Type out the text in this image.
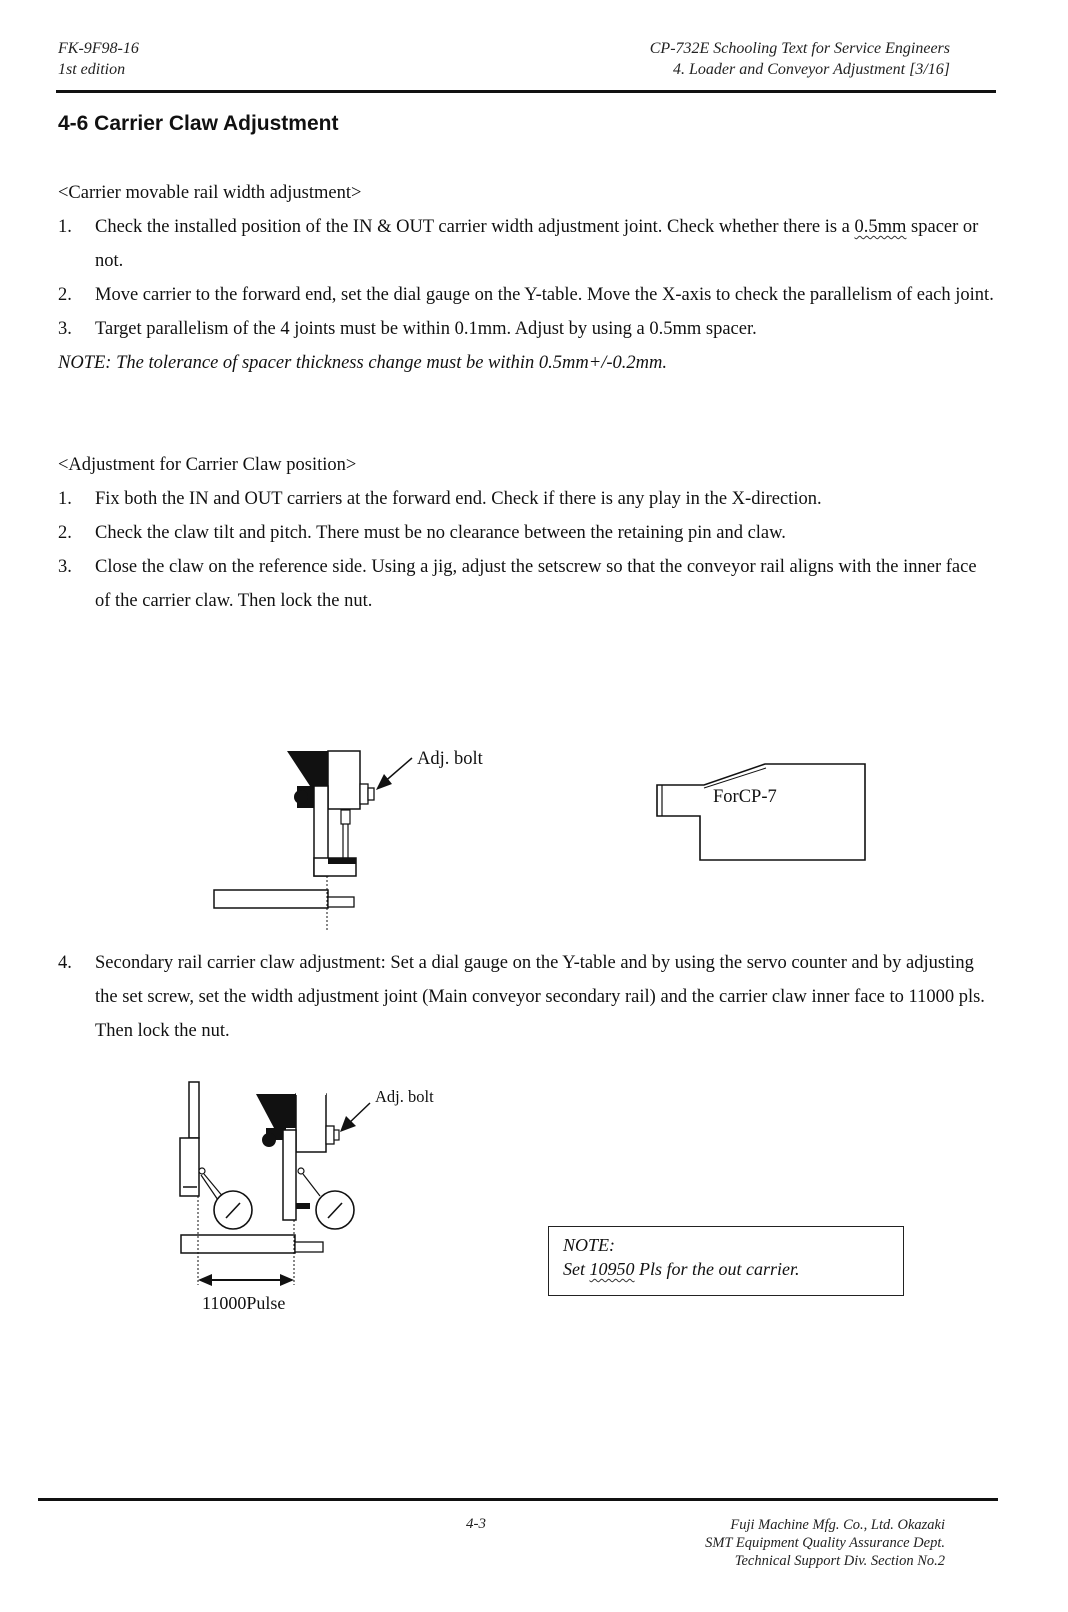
FK-9F98-16
1st edition
CP-732E Schooling Text for Service Engineers
4. Loader and Conveyor Adjustment [3/16]
4-6 Carrier Claw Adjustment
<Carrier movable rail width adjustment>
1. Check the installed position of the IN & OUT carrier width adjustment joint. Check whether there is a 0.5mm spacer or not.
2. Move carrier to the forward end, set the dial gauge on the Y-table. Move the X-axis to check the parallelism of each joint.
3. Target parallelism of the 4 joints must be within 0.1mm. Adjust by using a 0.5mm spacer.
NOTE: The tolerance of spacer thickness change must be within 0.5mm+/-0.2mm.
<Adjustment for Carrier Claw position>
1. Fix both the IN and OUT carriers at the forward end. Check if there is any play in the X-direction.
2. Check the claw tilt and pitch. There must be no clearance between the retaining pin and claw.
3. Close the claw on the reference side. Using a jig, adjust the setscrew so that the conveyor rail aligns with the inner face of the carrier claw. Then lock the nut.
Adj. bolt
ForCP-7
4. Secondary rail carrier claw adjustment: Set a dial gauge on the Y-table and by using the servo counter and by adjusting the set screw, set the width adjustment joint (Main conveyor secondary rail) and the carrier claw inner face to 11000 pls. Then lock the nut.
11000Pulse
Adj. bolt
NOTE:
Set 10950 Pls for the out carrier.
4-3	Fuji Machine Mfg. Co., Ltd. Okazaki
SMT Equipment Quality Assurance Dept.
Technical Support Div. Section No.2
